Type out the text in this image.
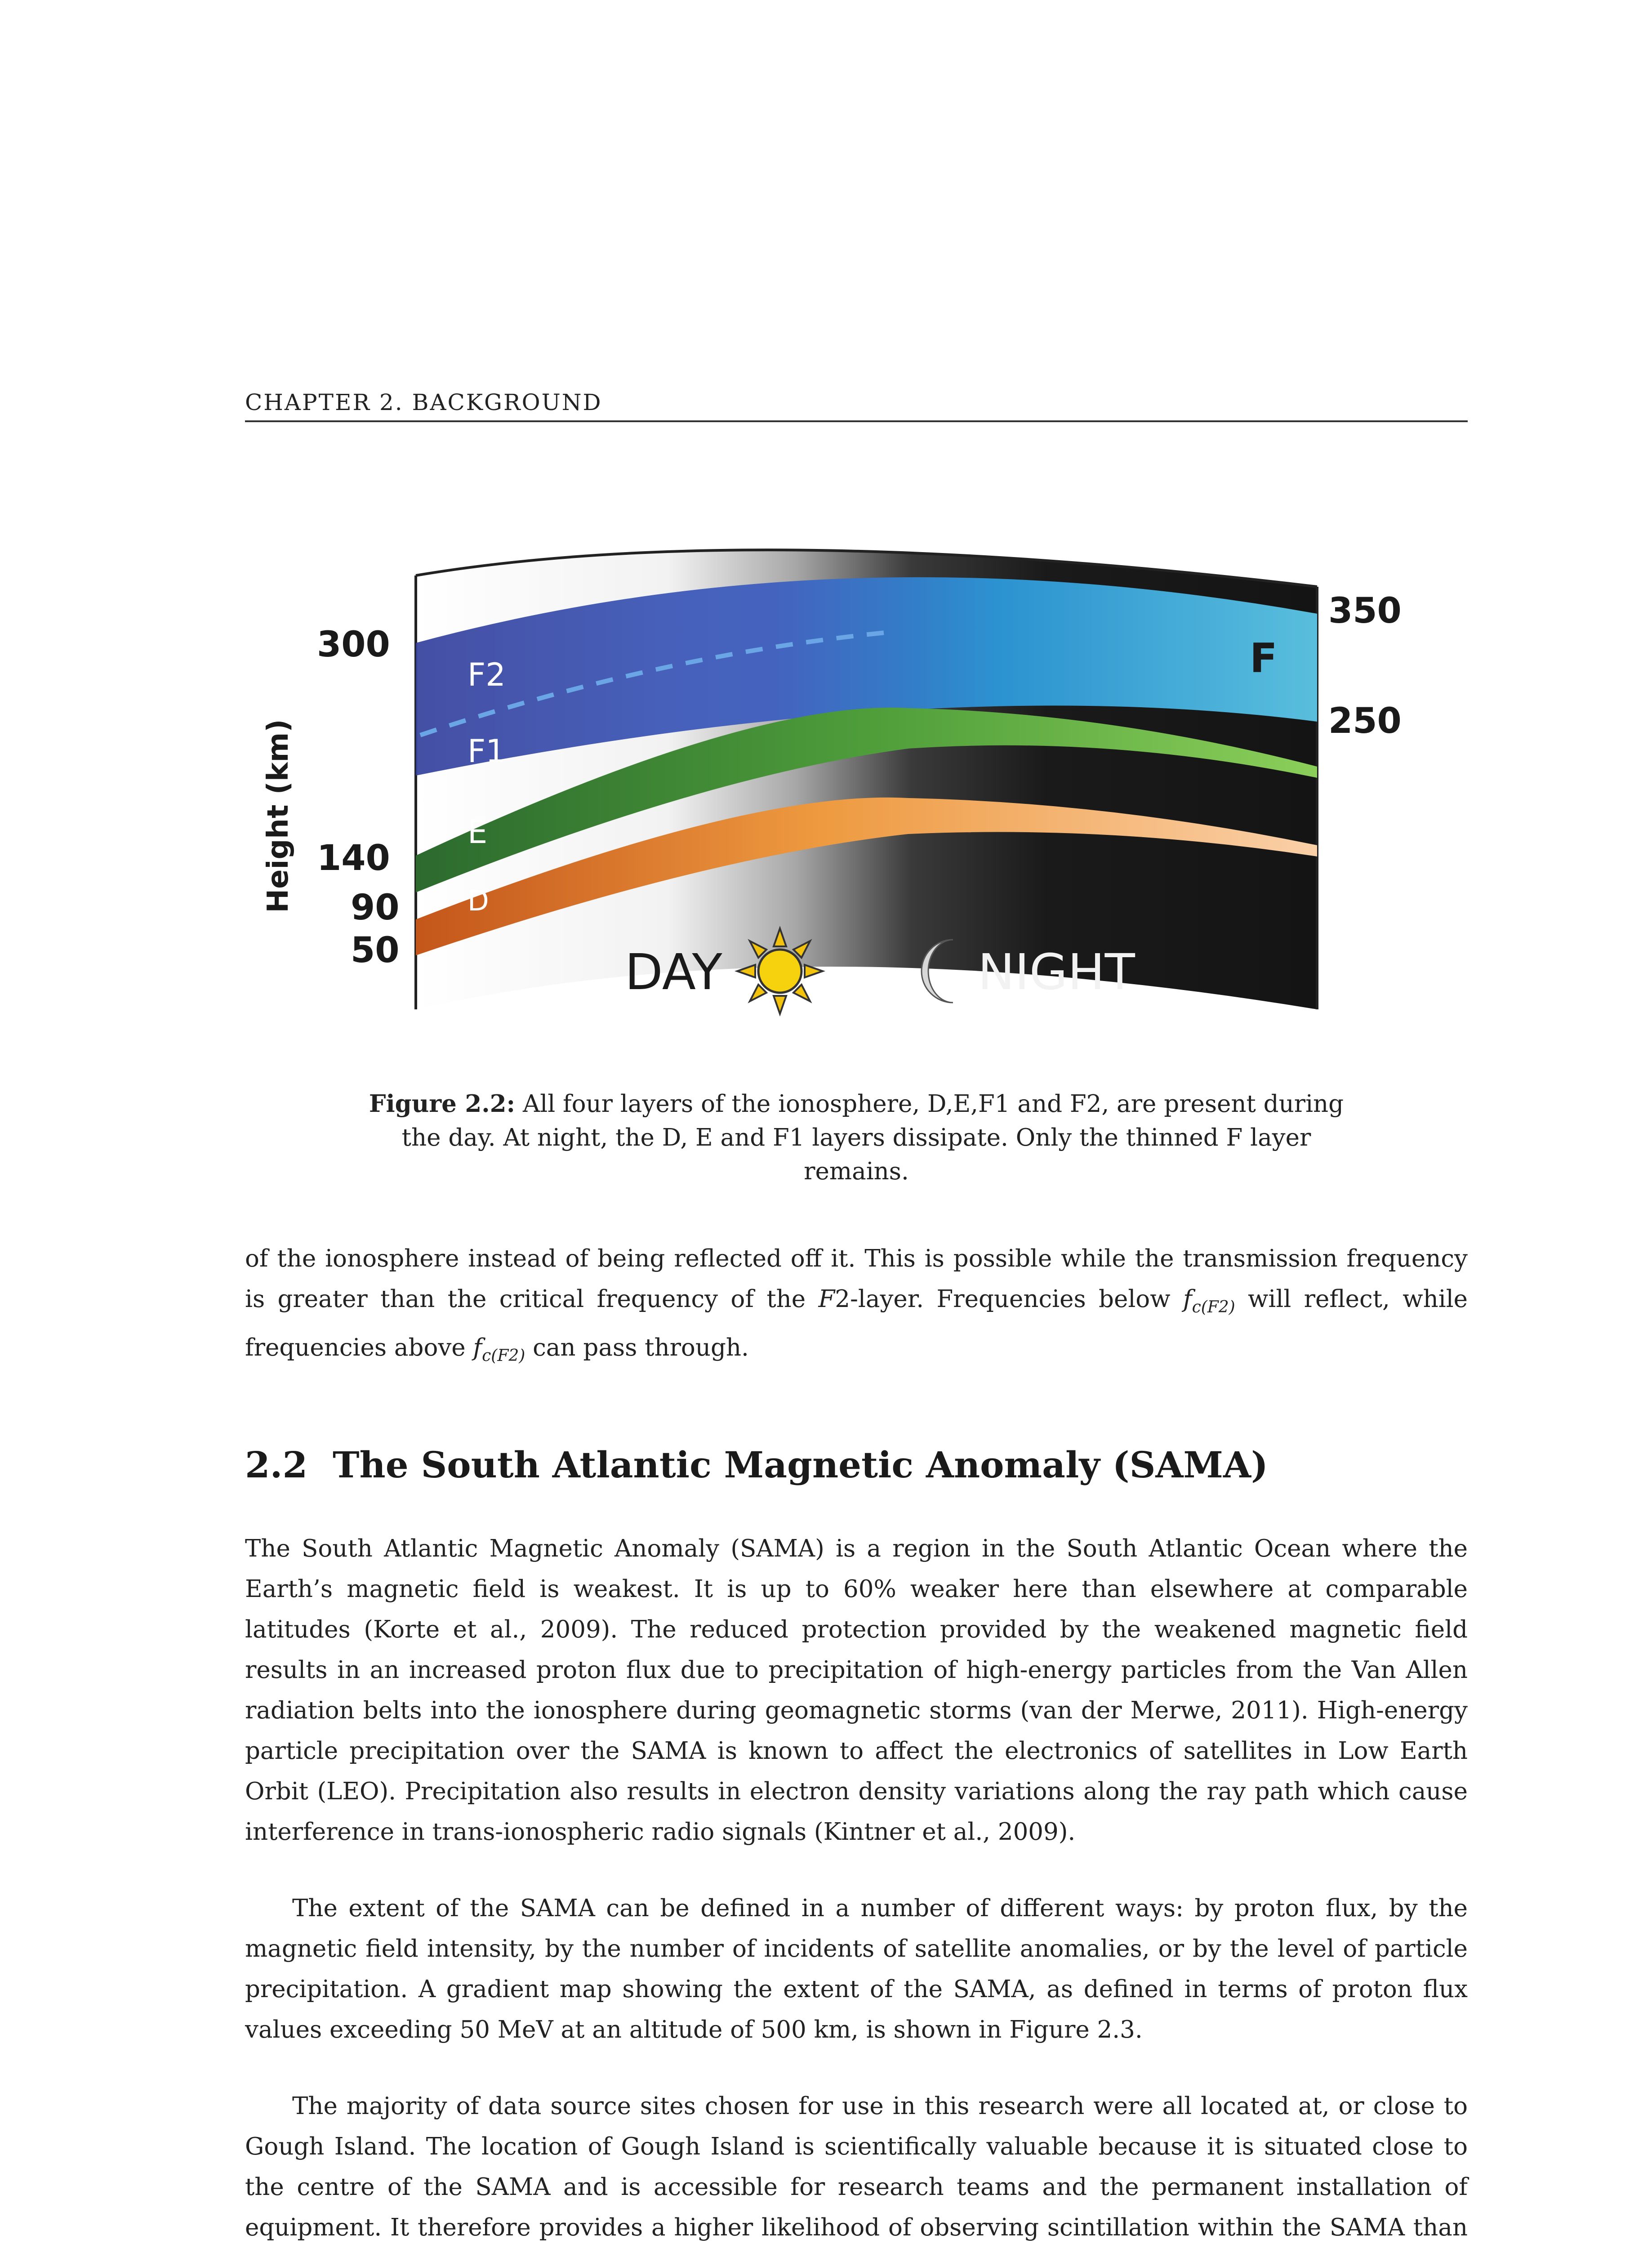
CHAPTER 2. BACKGROUND
Height (km)
300
140
90
50
350
250
F2
F1
E
D
F
DAY	NIGHT
Figure 2.2: All four layers of the ionosphere, D,E,F1 and F2, are present during the day. At night, the D, E and F1 layers dissipate. Only the thinned F layer remains.
of the ionosphere instead of being reflected off it. This is possible while the transmission frequency is greater than the critical frequency of the F2-layer. Frequencies below $f_{c(F2)}$ will reflect, while frequencies above $f_{c(F2)}$ can pass through.
2.2 The South Atlantic Magnetic Anomaly (SAMA)
The South Atlantic Magnetic Anomaly (SAMA) is a region in the South Atlantic Ocean where the Earth’s magnetic field is weakest. It is up to 60% weaker here than elsewhere at comparable latitudes (Korte et al., 2009). The reduced protection provided by the weakened magnetic field results in an increased proton flux due to precipitation of high-energy particles from the Van Allen radiation belts into the ionosphere during geomagnetic storms (van der Merwe, 2011). High-energy particle precipitation over the SAMA is known to affect the electronics of satellites in Low Earth Orbit (LEO). Precipitation also results in electron density variations along the ray path which cause interference in trans-ionospheric radio signals (Kintner et al., 2009).
The extent of the SAMA can be defined in a number of different ways: by proton flux, by the magnetic field intensity, by the number of incidents of satellite anomalies, or by the level of particle precipitation. A gradient map showing the extent of the SAMA, as defined in terms of proton flux values exceeding 50 MeV at an altitude of 500 km, is shown in Figure 2.3.
The majority of data source sites chosen for use in this research were all located at, or close to Gough Island. The location of Gough Island is scientifically valuable because it is situated close to the centre of the SAMA and is accessible for research teams and the permanent installation of equipment. It therefore provides a higher likelihood of observing scintillation within the SAMA than
